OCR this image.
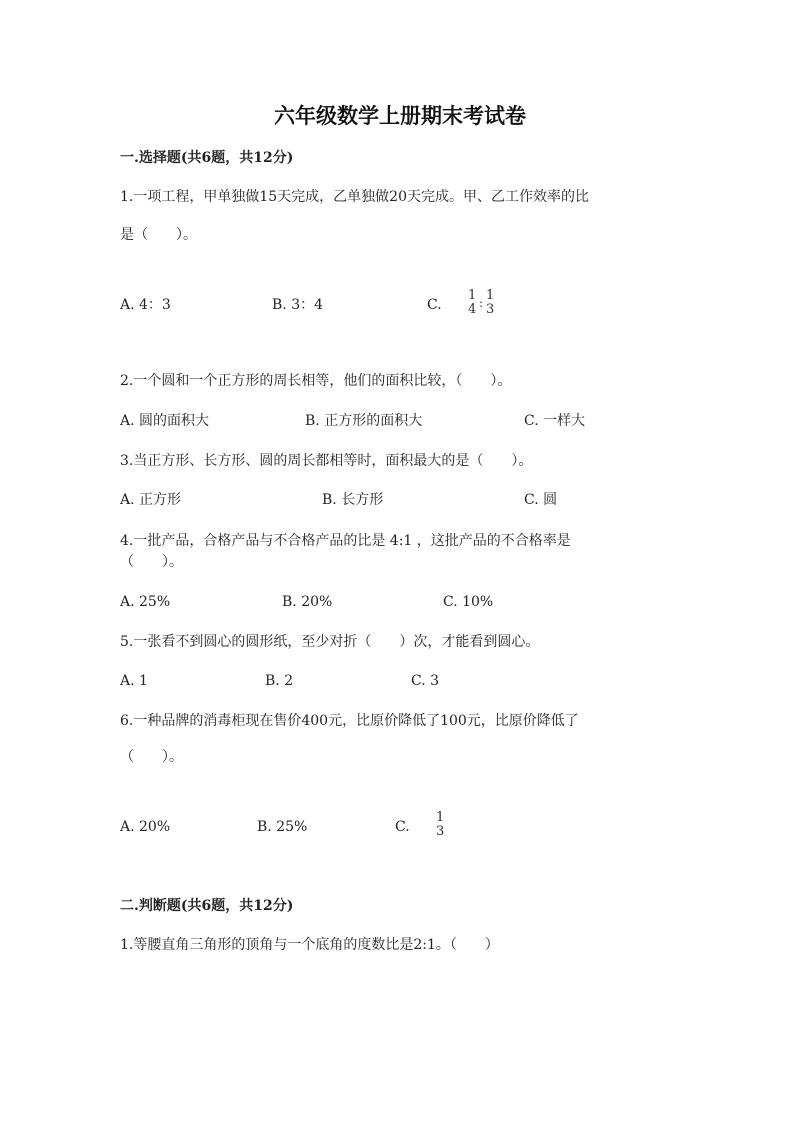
六年级数学上册期末考试卷
一.选择题(共6题，共12分)
1.一项工程，甲单独做15天完成，乙单独做20天完成。甲、乙工作效率的比
是（　　）。
A. 4：3	B. 3：4	C.
1
4 : 1
3
2.一个圆和一个正方形的周长相等，他们的面积比较，（　　）。
A. 圆的面积大	B. 正方形的面积大	C. 一样大
3.当正方形、长方形、圆的周长都相等时，面积最大的是（　　）。
A. 正方形	B. 长方形	C. 圆
4.一批产品，合格产品与不合格产品的比是 4:1 ，这批产品的不合格率是
（　　）。
A. 25%	B. 20%	C. 10%
5.一张看不到圆心的圆形纸，至少对折（　　）次，才能看到圆心。
A. 1	B. 2	C. 3
6.一种品牌的消毒柜现在售价400元，比原价降低了100元，比原价降低了
（　　）。
A. 20%	B. 25%	C.
1
3
二.判断题(共6题，共12分)
1.等腰直角三角形的顶角与一个底角的度数比是2:1。（　　）
